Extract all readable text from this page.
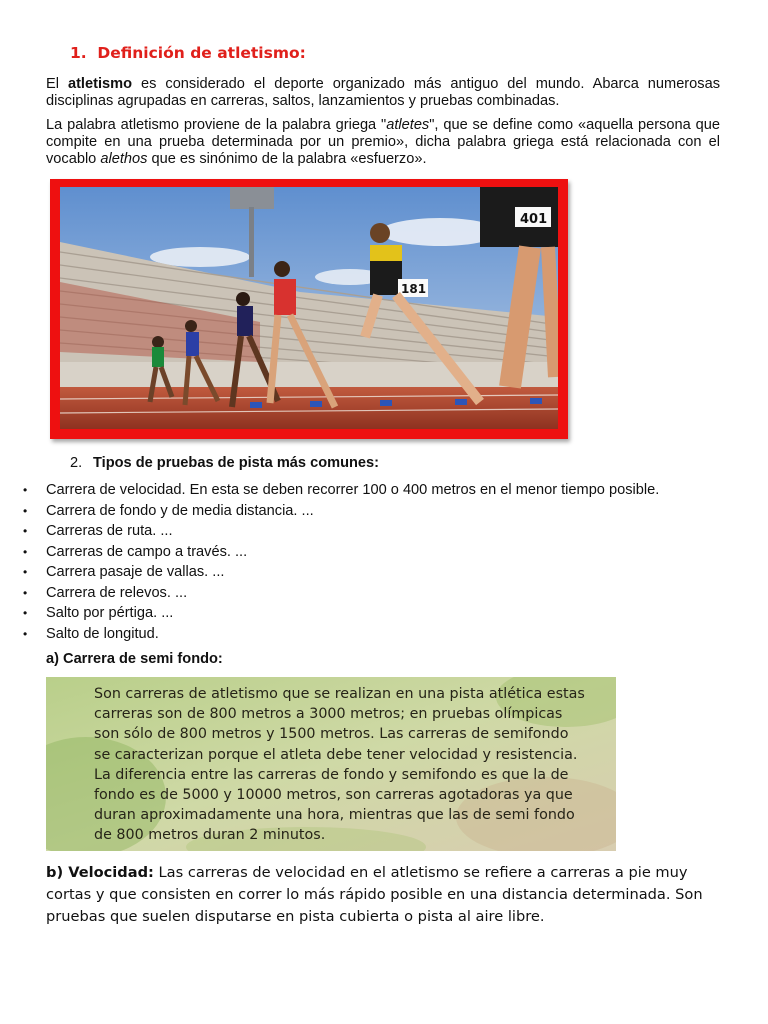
1. Definición de atletismo:
El atletismo es considerado el deporte organizado más antiguo del mundo. Abarca numerosas disciplinas agrupadas en carreras, saltos, lanzamientos y pruebas combinadas.
La palabra atletismo proviene de la palabra griega "atletes", que se define como «aquella persona que compite en una prueba determinada por un premio», dicha palabra griega está relacionada con el vocablo alethos que es sinónimo de la palabra «esfuerzo».
181
401
2. Tipos de pruebas de pista más comunes:
• Carrera de velocidad. En esta se deben recorrer 100 o 400 metros en el menor tiempo posible.
• Carrera de fondo y de media distancia. ...
• Carreras de ruta. ...
• Carreras de campo a través. ...
• Carrera pasaje de vallas. ...
• Carrera de relevos. ...
• Salto por pértiga. ...
• Salto de longitud.
a) Carrera de semi fondo:
Son carreras de atletismo que se realizan en una pista atlética estas
carreras son de 800 metros a 3000 metros; en pruebas olímpicas
son sólo de 800 metros y 1500 metros. Las carreras de semifondo
se caracterizan porque el atleta debe tener velocidad y resistencia.
La diferencia entre las carreras de fondo y semifondo es que la de
fondo es de 5000 y 10000 metros, son carreras agotadoras ya que
duran aproximadamente una hora, mientras que las de semi fondo
de 800 metros duran 2 minutos.
b) Velocidad: Las carreras de velocidad en el atletismo se refiere a carreras a pie muy cortas y que consisten en correr lo más rápido posible en una distancia determinada. Son pruebas que suelen disputarse en pista cubierta o pista al aire libre.
